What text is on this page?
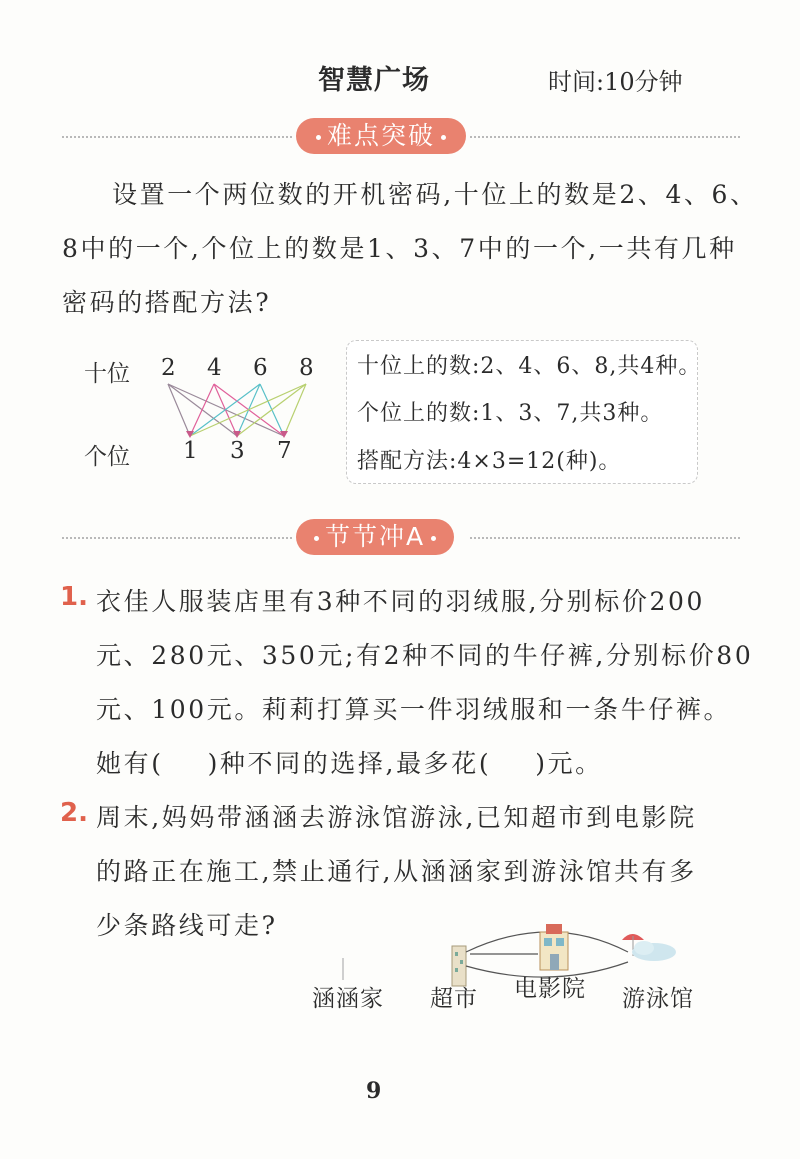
智慧广场	时间:10分钟
难点突破
设置一个两位数的开机密码,十位上的数是2、4、6、
8中的一个,个位上的数是1、3、7中的一个,一共有几种
密码的搭配方法?
十位
个位
2 4 6 8
1 3 7
十位上的数:2、4、6、8,共4种。
个位上的数:1、3、7,共3种。
搭配方法:4×3=12(种)。
节节冲A
1. 衣佳人服装店里有3种不同的羽绒服,分别标价200
元、280元、350元;有2种不同的牛仔裤,分别标价80
元、100元。莉莉打算买一件羽绒服和一条牛仔裤。
她有( )种不同的选择,最多花( )元。
2. 周末,妈妈带涵涵去游泳馆游泳,已知超市到电影院
的路正在施工,禁止通行,从涵涵家到游泳馆共有多
少条路线可走?
涵涵家 超市 电影院 游泳馆
9
